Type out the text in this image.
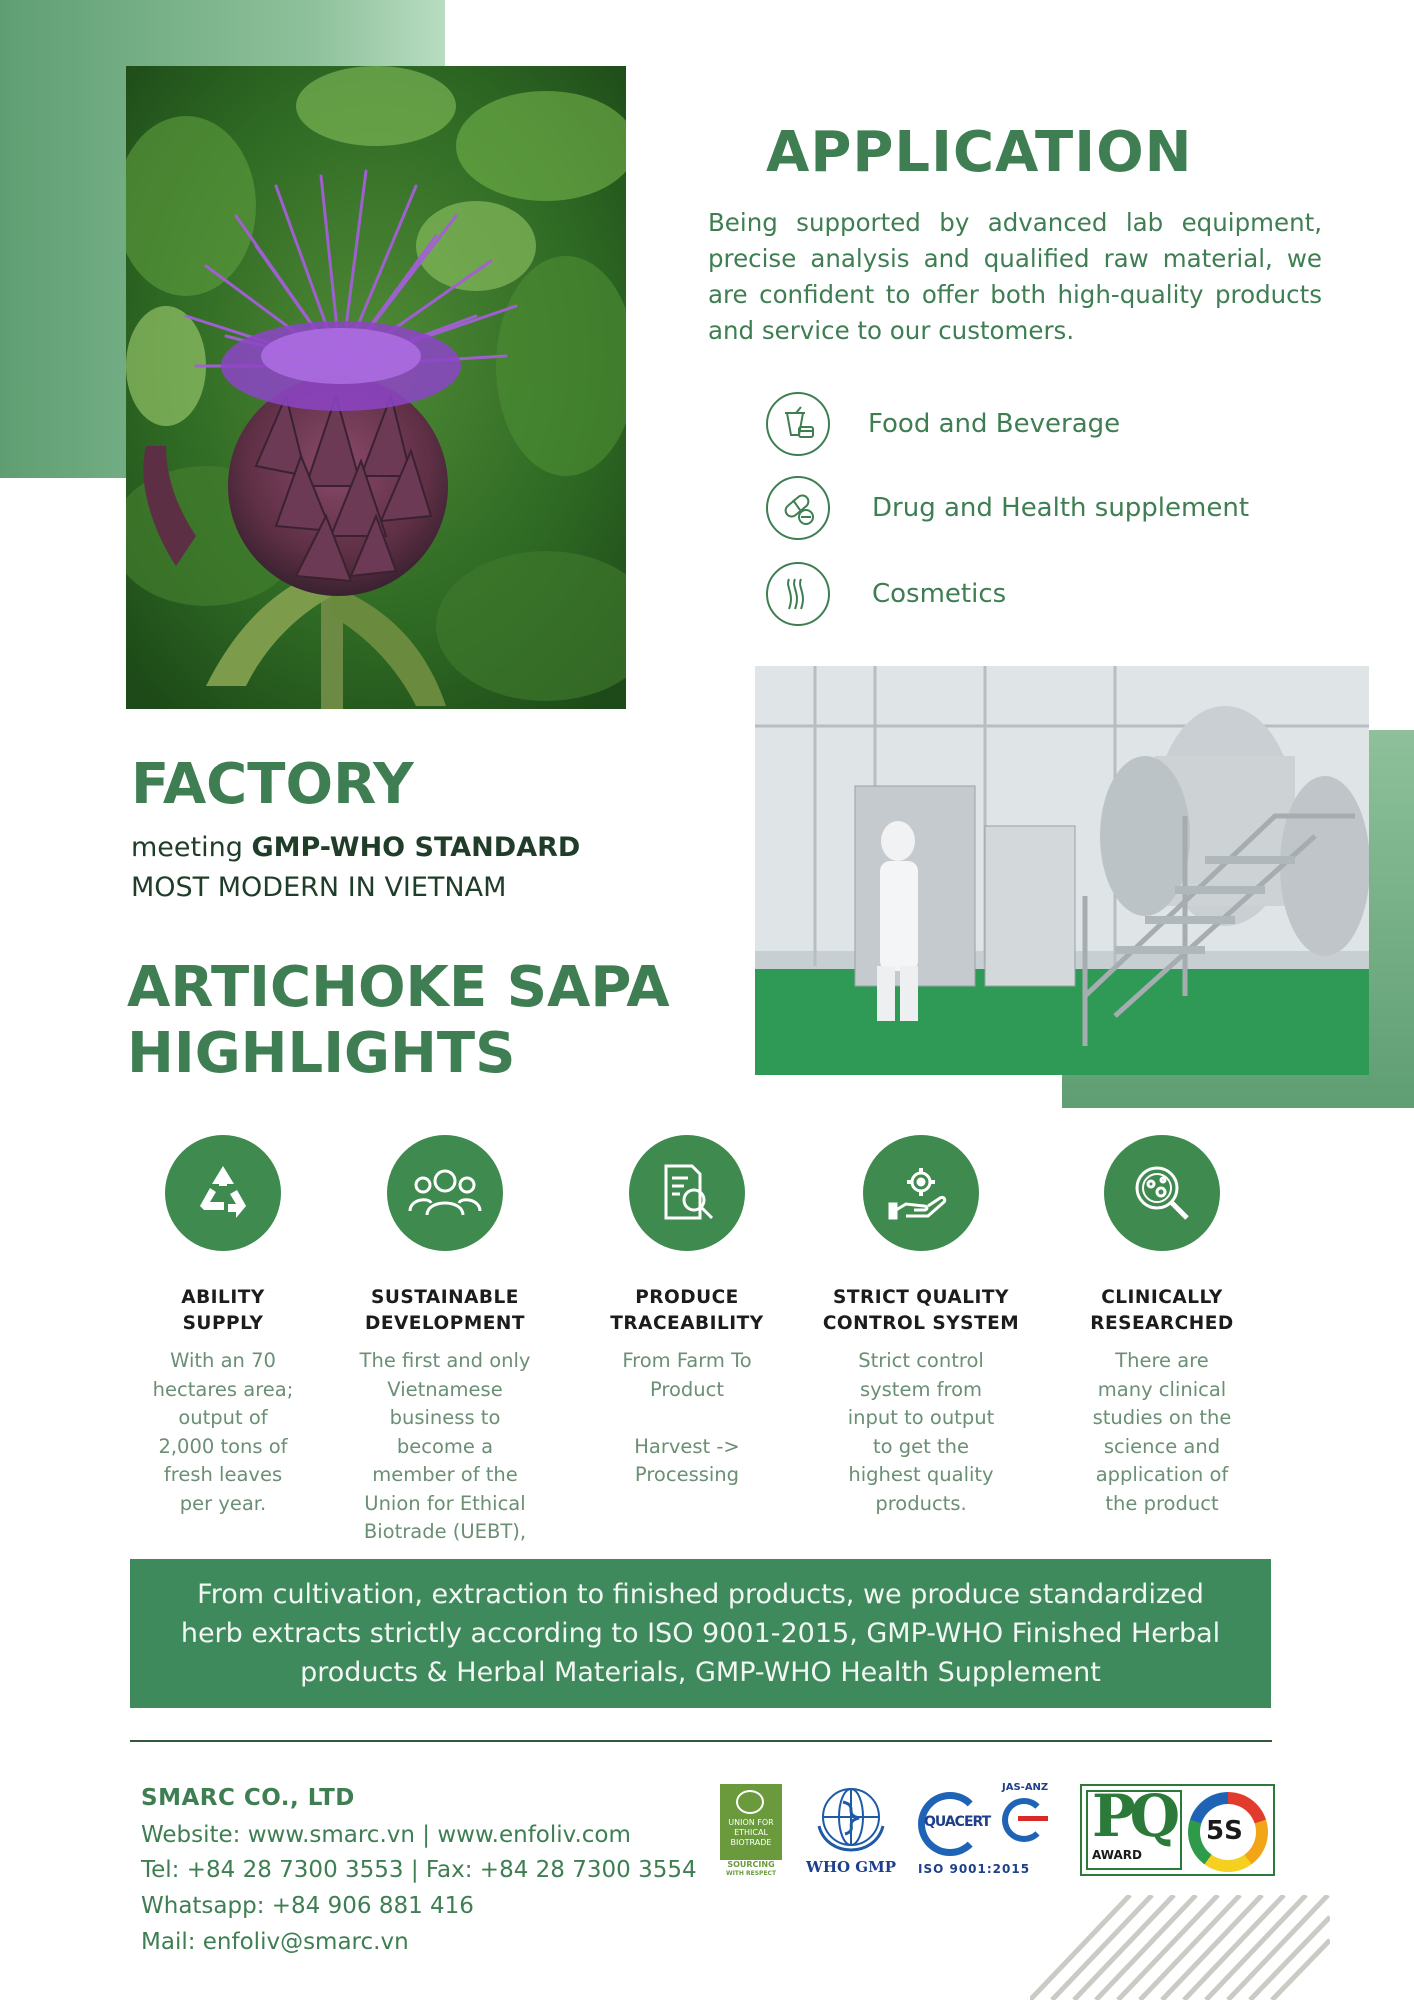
APPLICATION

Being supported by advanced lab equipment, precise analysis and qualified raw material, we are confident to offer both high-quality products and service to our customers.

Food and Beverage
Drug and Health supplement
Cosmetics
FACTORY
meeting GMP-WHO STANDARD
MOST MODERN IN VIETNAM
ARTICHOKE SAPA
HIGHLIGHTS
ABILITY
SUPPLY
With an 70
hectares area;
output of
2,000 tons of
fresh leaves
per year.
SUSTAINABLE
DEVELOPMENT
The first and only
Vietnamese
business to
become a
member of the
Union for Ethical
Biotrade (UEBT),
PRODUCE
TRACEABILITY
From Farm To
Product

Harvest ->
Processing
STRICT QUALITY
CONTROL SYSTEM
Strict control
system from
input to output
to get the
highest quality
products.
CLINICALLY
RESEARCHED
There are
many clinical
studies on the
science and
application of
the product
From cultivation, extraction to finished products, we produce standardized herb extracts strictly according to ISO 9001-2015, GMP-WHO Finished Herbal products & Herbal Materials, GMP-WHO Health Supplement
SMARC CO., LTD
Website: www.smarc.vn | www.enfoliv.com
Tel: +84 28 7300 3553 | Fax: +84 28 7300 3554
Whatsapp: +84 906 881 416
Mail: enfoliv@smarc.vn
UNION FOR
ETHICAL
BIOTRADE
SOURCING
WITH RESPECT	WHO GMP
QUACERT
JAS-ANZ
ISO 9001:2015
PQ
AWARD
5S
